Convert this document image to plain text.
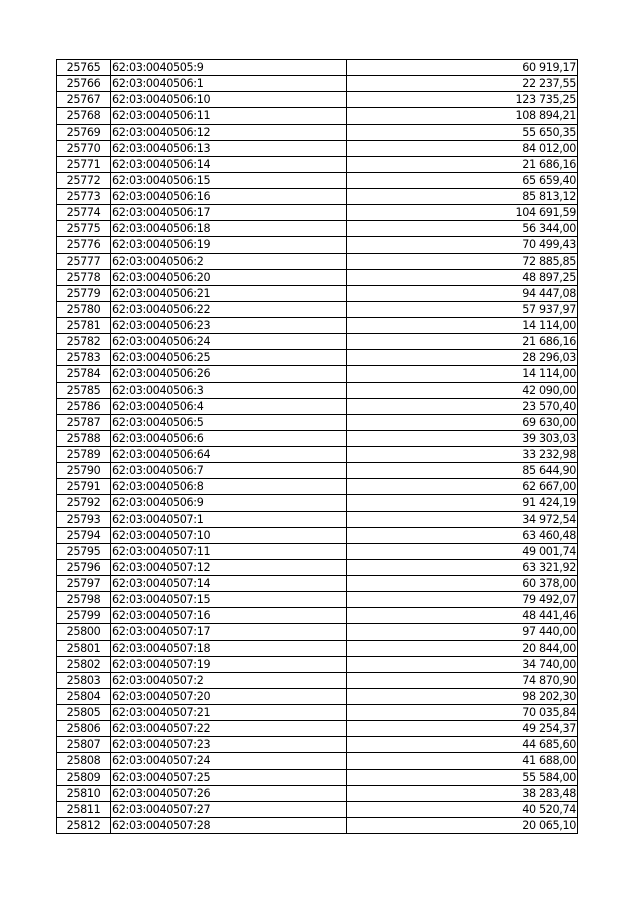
25765	62:03:0040505:9	60 919,17
25766	62:03:0040506:1	22 237,55
25767	62:03:0040506:10	123 735,25
25768	62:03:0040506:11	108 894,21
25769	62:03:0040506:12	55 650,35
25770	62:03:0040506:13	84 012,00
25771	62:03:0040506:14	21 686,16
25772	62:03:0040506:15	65 659,40
25773	62:03:0040506:16	85 813,12
25774	62:03:0040506:17	104 691,59
25775	62:03:0040506:18	56 344,00
25776	62:03:0040506:19	70 499,43
25777	62:03:0040506:2	72 885,85
25778	62:03:0040506:20	48 897,25
25779	62:03:0040506:21	94 447,08
25780	62:03:0040506:22	57 937,97
25781	62:03:0040506:23	14 114,00
25782	62:03:0040506:24	21 686,16
25783	62:03:0040506:25	28 296,03
25784	62:03:0040506:26	14 114,00
25785	62:03:0040506:3	42 090,00
25786	62:03:0040506:4	23 570,40
25787	62:03:0040506:5	69 630,00
25788	62:03:0040506:6	39 303,03
25789	62:03:0040506:64	33 232,98
25790	62:03:0040506:7	85 644,90
25791	62:03:0040506:8	62 667,00
25792	62:03:0040506:9	91 424,19
25793	62:03:0040507:1	34 972,54
25794	62:03:0040507:10	63 460,48
25795	62:03:0040507:11	49 001,74
25796	62:03:0040507:12	63 321,92
25797	62:03:0040507:14	60 378,00
25798	62:03:0040507:15	79 492,07
25799	62:03:0040507:16	48 441,46
25800	62:03:0040507:17	97 440,00
25801	62:03:0040507:18	20 844,00
25802	62:03:0040507:19	34 740,00
25803	62:03:0040507:2	74 870,90
25804	62:03:0040507:20	98 202,30
25805	62:03:0040507:21	70 035,84
25806	62:03:0040507:22	49 254,37
25807	62:03:0040507:23	44 685,60
25808	62:03:0040507:24	41 688,00
25809	62:03:0040507:25	55 584,00
25810	62:03:0040507:26	38 283,48
25811	62:03:0040507:27	40 520,74
25812	62:03:0040507:28	20 065,10
